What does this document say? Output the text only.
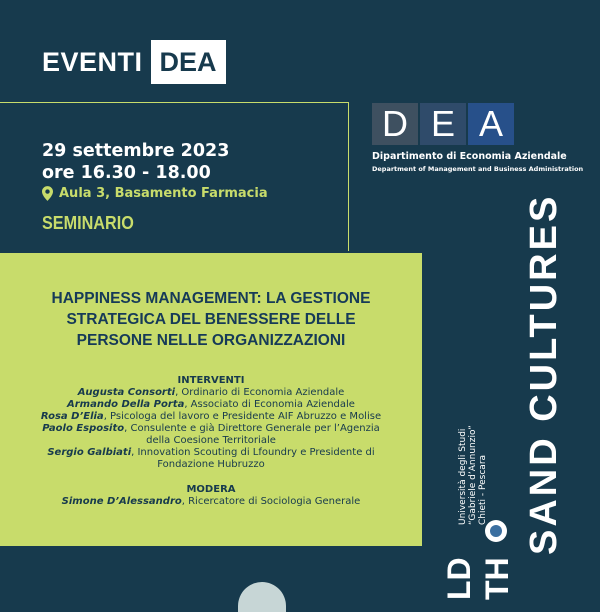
EVENTI DEA
29 settembre 2023
ore 16.30 - 18.00
Aula 3, Basamento Farmacia
SEMINARIO
D E A
Dipartimento di Economia Aziendale
Department of Management and Business Administration
HAPPINESS MANAGEMENT: LA GESTIONE
STRATEGICA DEL BENESSERE DELLE
PERSONE NELLE ORGANIZZAZIONI
INTERVENTI
Augusta Consorti, Ordinario di Economia Aziendale
Armando Della Porta, Associato di Economia Aziendale
Rosa D’Elia, Psicologa del lavoro e Presidente AIF Abruzzo e Molise
Paolo Esposito, Consulente e già Direttore Generale per l’Agenzia
della Coesione Territoriale
Sergio Galbiati, Innovation Scouting di Lfoundry e Presidente di
Fondazione Hubruzzo
MODERA
Simone D’Alessandro, Ricercatore di Sociologia Generale	SAND CULTURES
TH
LD
Università degli Studi “Gabriele d’Annunzio” Chieti - Pescara
